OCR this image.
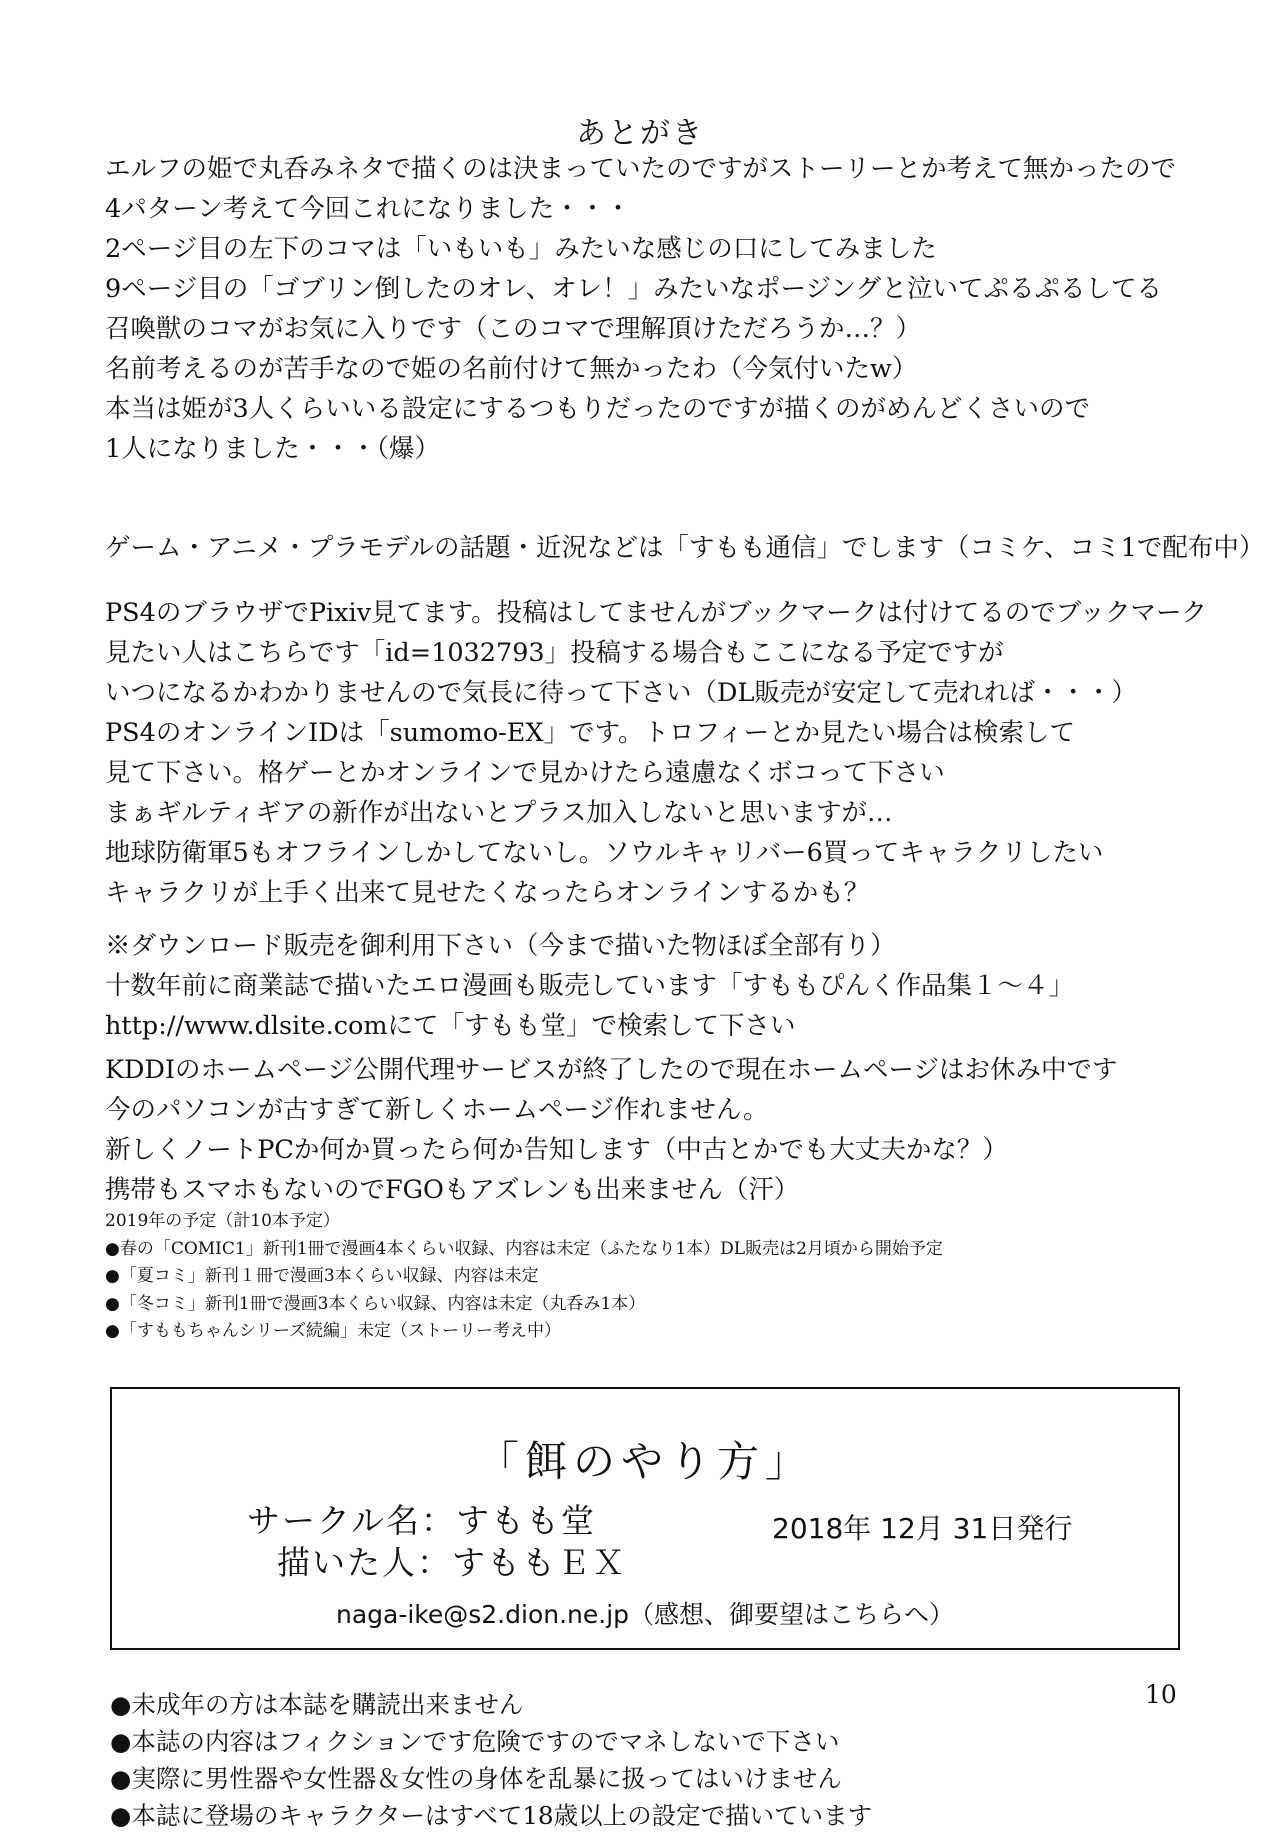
あとがき
エルフの姫で丸呑みネタで描くのは決まっていたのですがストーリーとか考えて無かったので
4パターン考えて今回これになりました・・・
2ページ目の左下のコマは「いもいも」みたいな感じの口にしてみました
9ページ目の「ゴブリン倒したのオレ、オレ！」みたいなポージングと泣いてぷるぷるしてる
召喚獣のコマがお気に入りです（このコマで理解頂けただろうか…？）
名前考えるのが苦手なので姫の名前付けて無かったわ（今気付いたw）
本当は姫が3人くらいいる設定にするつもりだったのですが描くのがめんどくさいので
1人になりました・・・（爆）
ゲーム・アニメ・プラモデルの話題・近況などは「すもも通信」でします（コミケ、コミ1で配布中）
PS4のブラウザでPixiv見てます。投稿はしてませんがブックマークは付けてるのでブックマーク
見たい人はこちらです「id=1032793」投稿する場合もここになる予定ですが
いつになるかわかりませんので気長に待って下さい（DL販売が安定して売れれば・・・）
PS4のオンラインIDは「sumomo-EX」です。トロフィーとか見たい場合は検索して
見て下さい。格ゲーとかオンラインで見かけたら遠慮なくボコって下さい
まぁギルティギアの新作が出ないとプラス加入しないと思いますが…
地球防衛軍5もオフラインしかしてないし。ソウルキャリバー6買ってキャラクリしたい
キャラクリが上手く出来て見せたくなったらオンラインするかも？
※ダウンロード販売を御利用下さい（今まで描いた物ほぼ全部有り）
十数年前に商業誌で描いたエロ漫画も販売しています「すももぴんく作品集１～４」
http://www.dlsite.comにて「すもも堂」で検索して下さい
KDDIのホームページ公開代理サービスが終了したので現在ホームページはお休み中です
今のパソコンが古すぎて新しくホームページ作れません。
新しくノートPCか何か買ったら何か告知します（中古とかでも大丈夫かな？）
携帯もスマホもないのでFGOもアズレンも出来ません（汗）
2019年の予定（計10本予定）
●春の「COMIC1」新刊1冊で漫画4本くらい収録、内容は未定（ふたなり1本）DL販売は2月頃から開始予定
●「夏コミ」新刊１冊で漫画3本くらい収録、内容は未定
●「冬コミ」新刊1冊で漫画3本くらい収録、内容は未定（丸呑み1本）
●「すももちゃんシリーズ続編」未定（ストーリー考え中）
「餌のやり方」
サークル名：すもも堂
描いた人：すももＥＸ
2018年 12月 31日発行
naga-ike@s2.dion.ne.jp（感想、御要望はこちらへ）
10
●未成年の方は本誌を購読出来ません
●本誌の内容はフィクションです危険ですのでマネしないで下さい
●実際に男性器や女性器＆女性の身体を乱暴に扱ってはいけません
●本誌に登場のキャラクターはすべて18歳以上の設定で描いています
